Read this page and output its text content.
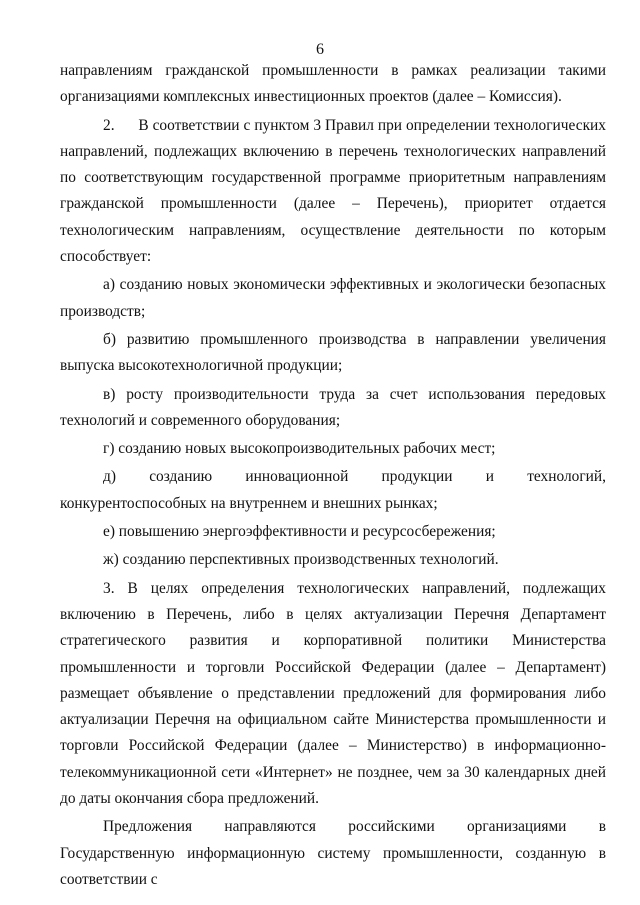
6

направлениям гражданской промышленности в рамках реализации такими организациями комплексных инвестиционных проектов (далее – Комиссия).

2.      В соответствии с пунктом 3 Правил при определении технологических направлений, подлежащих включению в перечень технологических направлений по соответствующим государственной программе приоритетным направлениям гражданской промышленности (далее – Перечень), приоритет отдается технологическим направлениям, осуществление деятельности по которым способствует:

а) созданию новых экономически эффективных и экологически безопасных производств;

б) развитию промышленного производства в направлении увеличения выпуска высокотехнологичной продукции;

в) росту производительности труда за счет использования передовых технологий и современного оборудования;

г) созданию новых высокопроизводительных рабочих мест;

д) созданию инновационной продукции и технологий, конкурентоспособных на внутреннем и внешних рынках;

е) повышению энергоэффективности и ресурсосбережения;

ж) созданию перспективных производственных технологий.

3. В целях определения технологических направлений, подлежащих включению в Перечень, либо в целях актуализации Перечня Департамент стратегического развития и корпоративной политики Министерства промышленности и торговли Российской Федерации (далее – Департамент) размещает объявление о представлении предложений для формирования либо актуализации Перечня на официальном сайте Министерства промышленности и торговли Российской Федерации (далее – Министерство) в информационно-телекоммуникационной сети «Интернет» не позднее, чем за 30 календарных дней до даты окончания сбора предложений.

Предложения направляются российскими организациями в Государственную информационную систему промышленности, созданную в соответствии с
